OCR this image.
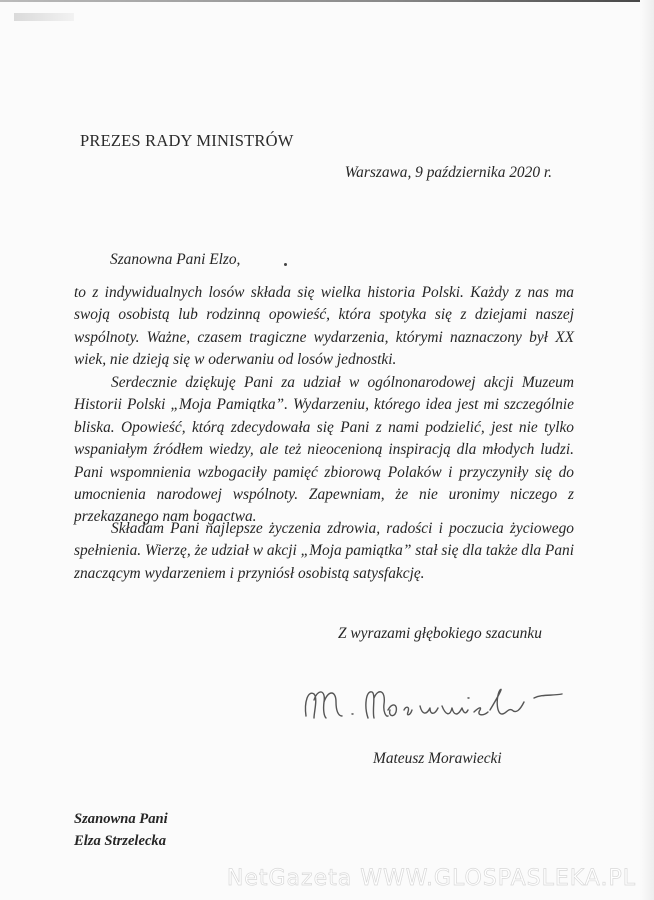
PREZES RADY MINISTRÓW
Warszawa, 9 października 2020 r.
Szanowna Pani Elzo,

to z indywidualnych losów składa się wielka historia Polski. Każdy z nas ma swoją osobistą lub rodzinną opowieść, która spotyka się z dziejami naszej wspólnoty. Ważne, czasem tragiczne wydarzenia, którymi naznaczony był XX wiek, nie dzieją się w oderwaniu od losów jednostki.

Serdecznie dziękuję Pani za udział w ogólnonarodowej akcji Muzeum Historii Polski „Moja Pamiątka”. Wydarzeniu, którego idea jest mi szczególnie bliska. Opowieść, którą zdecydowała się Pani z nami podzielić, jest nie tylko wspaniałym źródłem wiedzy, ale też nieocenioną inspiracją dla młodych ludzi. Pani wspomnienia wzbogaciły pamięć zbiorową Polaków i przyczyniły się do umocnienia narodowej wspólnoty. Zapewniam, że nie uronimy niczego z przekazanego nam bogactwa.

Składam Pani najlepsze życzenia zdrowia, radości i poczucia życiowego spełnienia. Wierzę, że udział w akcji „Moja pamiątka” stał się dla także dla Pani znaczącym wydarzeniem i przyniósł osobistą satysfakcję.

Z wyrazami głębokiego szacunku
Mateusz Morawiecki
Szanowna Pani
Elza Strzelecka
NetGazeta WWW.GLOSPASLEKA.PL
